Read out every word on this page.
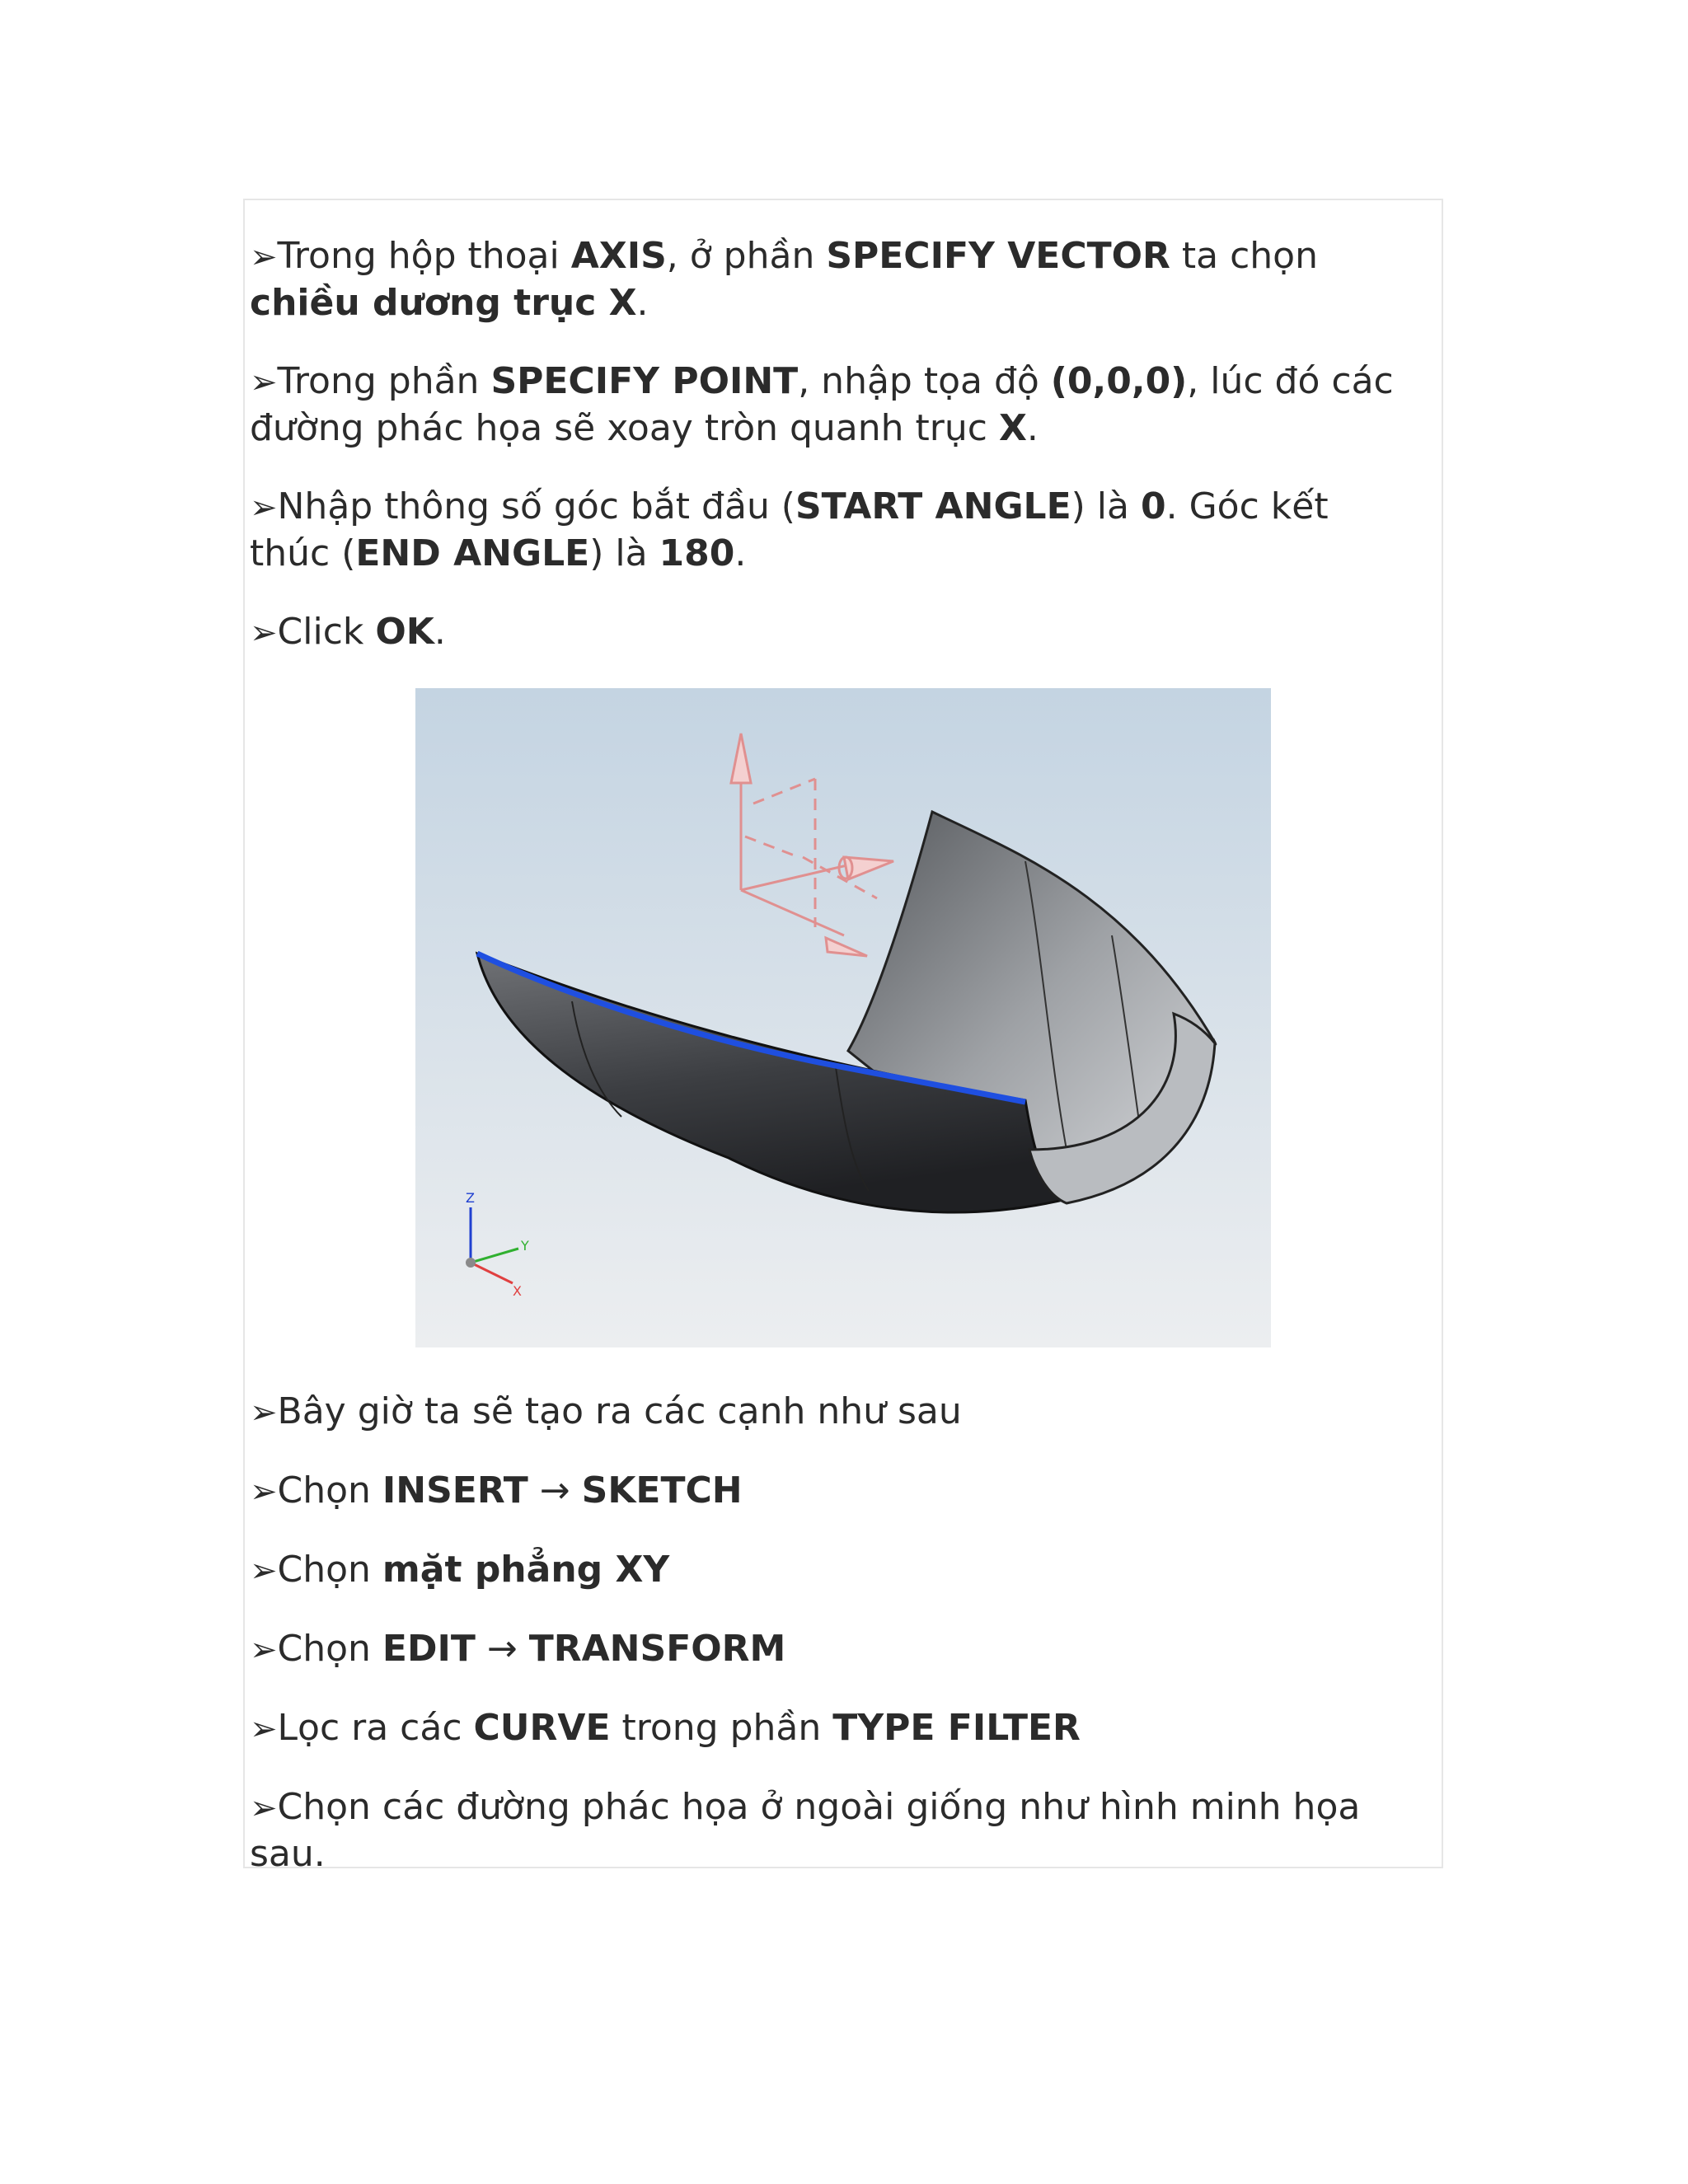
➢Trong hộp thoại AXIS, ở phần SPECIFY VECTOR ta chọn chiều dương trục X.
➢Trong phần SPECIFY POINT, nhập tọa độ (0,0,0), lúc đó các đường phác họa sẽ xoay tròn quanh trục X.
➢Nhập thông số góc bắt đầu (START ANGLE) là 0. Góc kết thúc (END ANGLE) là 180.
➢Click OK.
Z
Y
X
➢Bây giờ ta sẽ tạo ra các cạnh như sau
➢Chọn INSERT → SKETCH
➢Chọn mặt phẳng XY
➢Chọn EDIT → TRANSFORM
➢Lọc ra các CURVE trong phần TYPE FILTER
➢Chọn các đường phác họa ở ngoài giống như hình minh họa sau.
